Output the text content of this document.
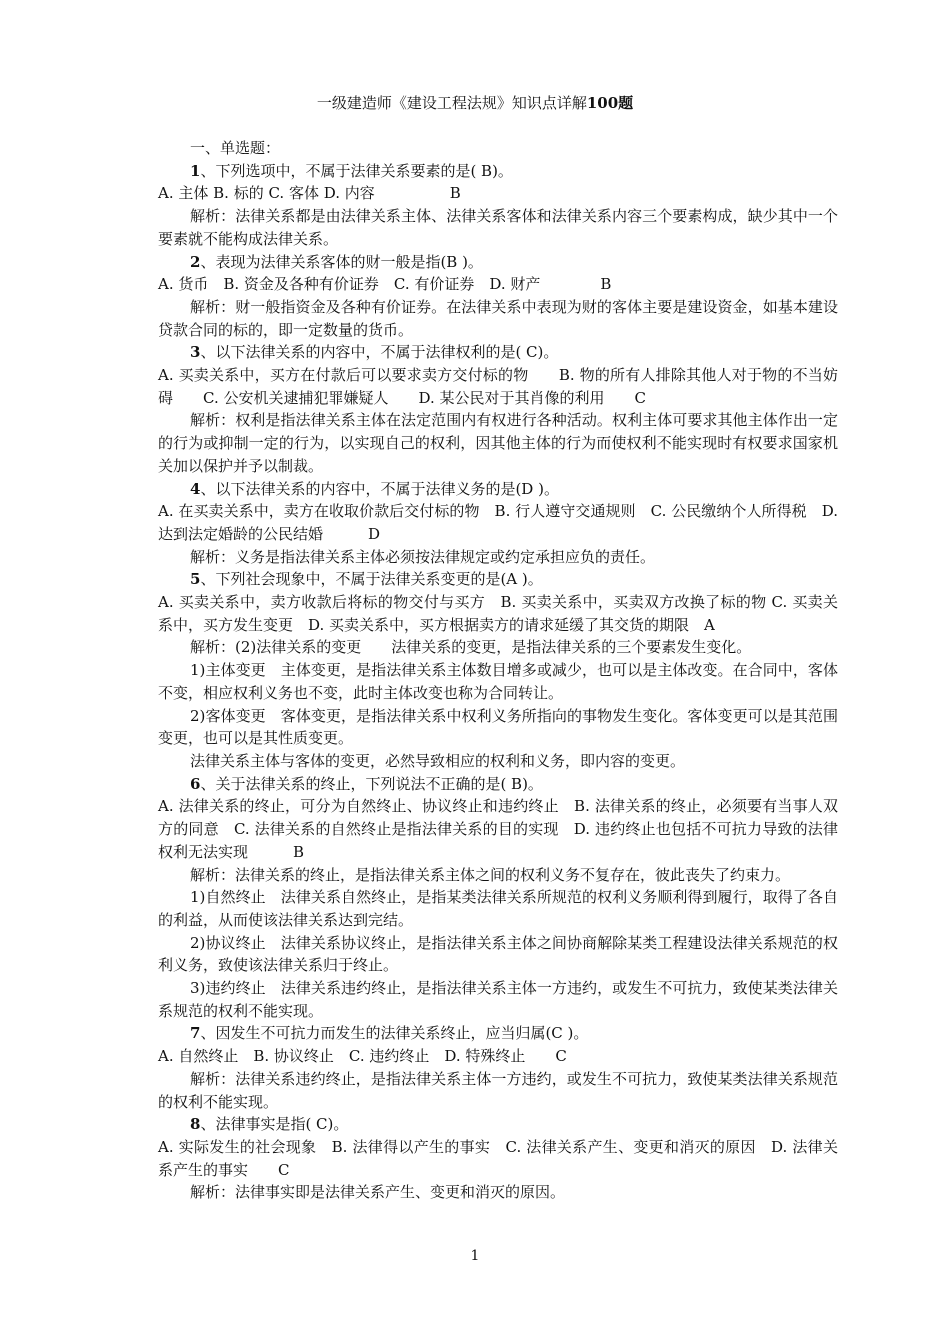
一级建造师《建设工程法规》知识点详解100题

一、单选题：

1、下列选项中，不属于法律关系要素的是( B)。

A. 主体 B. 标的 C. 客体 D. 内容　　　　　B

解析：法律关系都是由法律关系主体、法律关系客体和法律关系内容三个要素构成，缺少其中一个要素就不能构成法律关系。

2、表现为法律关系客体的财一般是指(B )。

A. 货币　B. 资金及各种有价证券　C. 有价证券　D. 财产　　　　B

解析：财一般指资金及各种有价证券。在法律关系中表现为财的客体主要是建设资金，如基本建设贷款合同的标的，即一定数量的货币。

3、以下法律关系的内容中，不属于法律权利的是( C)。

A. 买卖关系中，买方在付款后可以要求卖方交付标的物　　B. 物的所有人排除其他人对于物的不当妨碍　　C. 公安机关逮捕犯罪嫌疑人　　D. 某公民对于其肖像的利用　　C

解析：权利是指法律关系主体在法定范围内有权进行各种活动。权利主体可要求其他主体作出一定的行为或抑制一定的行为，以实现自己的权利，因其他主体的行为而使权利不能实现时有权要求国家机关加以保护并予以制裁。

4、以下法律关系的内容中，不属于法律义务的是(D )。

A. 在买卖关系中，卖方在收取价款后交付标的物　B. 行人遵守交通规则　C. 公民缴纳个人所得税　D. 达到法定婚龄的公民结婚　　　D

解析：义务是指法律关系主体必须按法律规定或约定承担应负的责任。

5、下列社会现象中，不属于法律关系变更的是(A )。

A. 买卖关系中，卖方收款后将标的物交付与买方　B. 买卖关系中，买卖双方改换了标的物 C. 买卖关系中，买方发生变更　D. 买卖关系中，买方根据卖方的请求延缓了其交货的期限　A

解析：(2)法律关系的变更　　法律关系的变更，是指法律关系的三个要素发生变化。

1)主体变更　主体变更，是指法律关系主体数目增多或减少，也可以是主体改变。在合同中，客体不变，相应权利义务也不变，此时主体改变也称为合同转让。

2)客体变更　客体变更，是指法律关系中权利义务所指向的事物发生变化。客体变更可以是其范围变更，也可以是其性质变更。

法律关系主体与客体的变更，必然导致相应的权利和义务，即内容的变更。

6、关于法律关系的终止，下列说法不正确的是( B)。

A. 法律关系的终止，可分为自然终止、协议终止和违约终止　B. 法律关系的终止，必须要有当事人双方的同意　C. 法律关系的自然终止是指法律关系的目的实现　D. 违约终止也包括不可抗力导致的法律权利无法实现　　　B

解析：法律关系的终止，是指法律关系主体之间的权利义务不复存在，彼此丧失了约束力。

1)自然终止　法律关系自然终止，是指某类法律关系所规范的权利义务顺利得到履行，取得了各自的利益，从而使该法律关系达到完结。

2)协议终止　法律关系协议终止，是指法律关系主体之间协商解除某类工程建设法律关系规范的权利义务，致使该法律关系归于终止。

3)违约终止　法律关系违约终止，是指法律关系主体一方违约，或发生不可抗力，致使某类法律关系规范的权利不能实现。

7、因发生不可抗力而发生的法律关系终止，应当归属(C )。

A. 自然终止　B. 协议终止　C. 违约终止　D. 特殊终止　　C

解析：法律关系违约终止，是指法律关系主体一方违约，或发生不可抗力，致使某类法律关系规范的权利不能实现。

8、法律事实是指( C)。

A. 实际发生的社会现象　B. 法律得以产生的事实　C. 法律关系产生、变更和消灭的原因　D. 法律关系产生的事实　　C

解析：法律事实即是法律关系产生、变更和消灭的原因。

1
